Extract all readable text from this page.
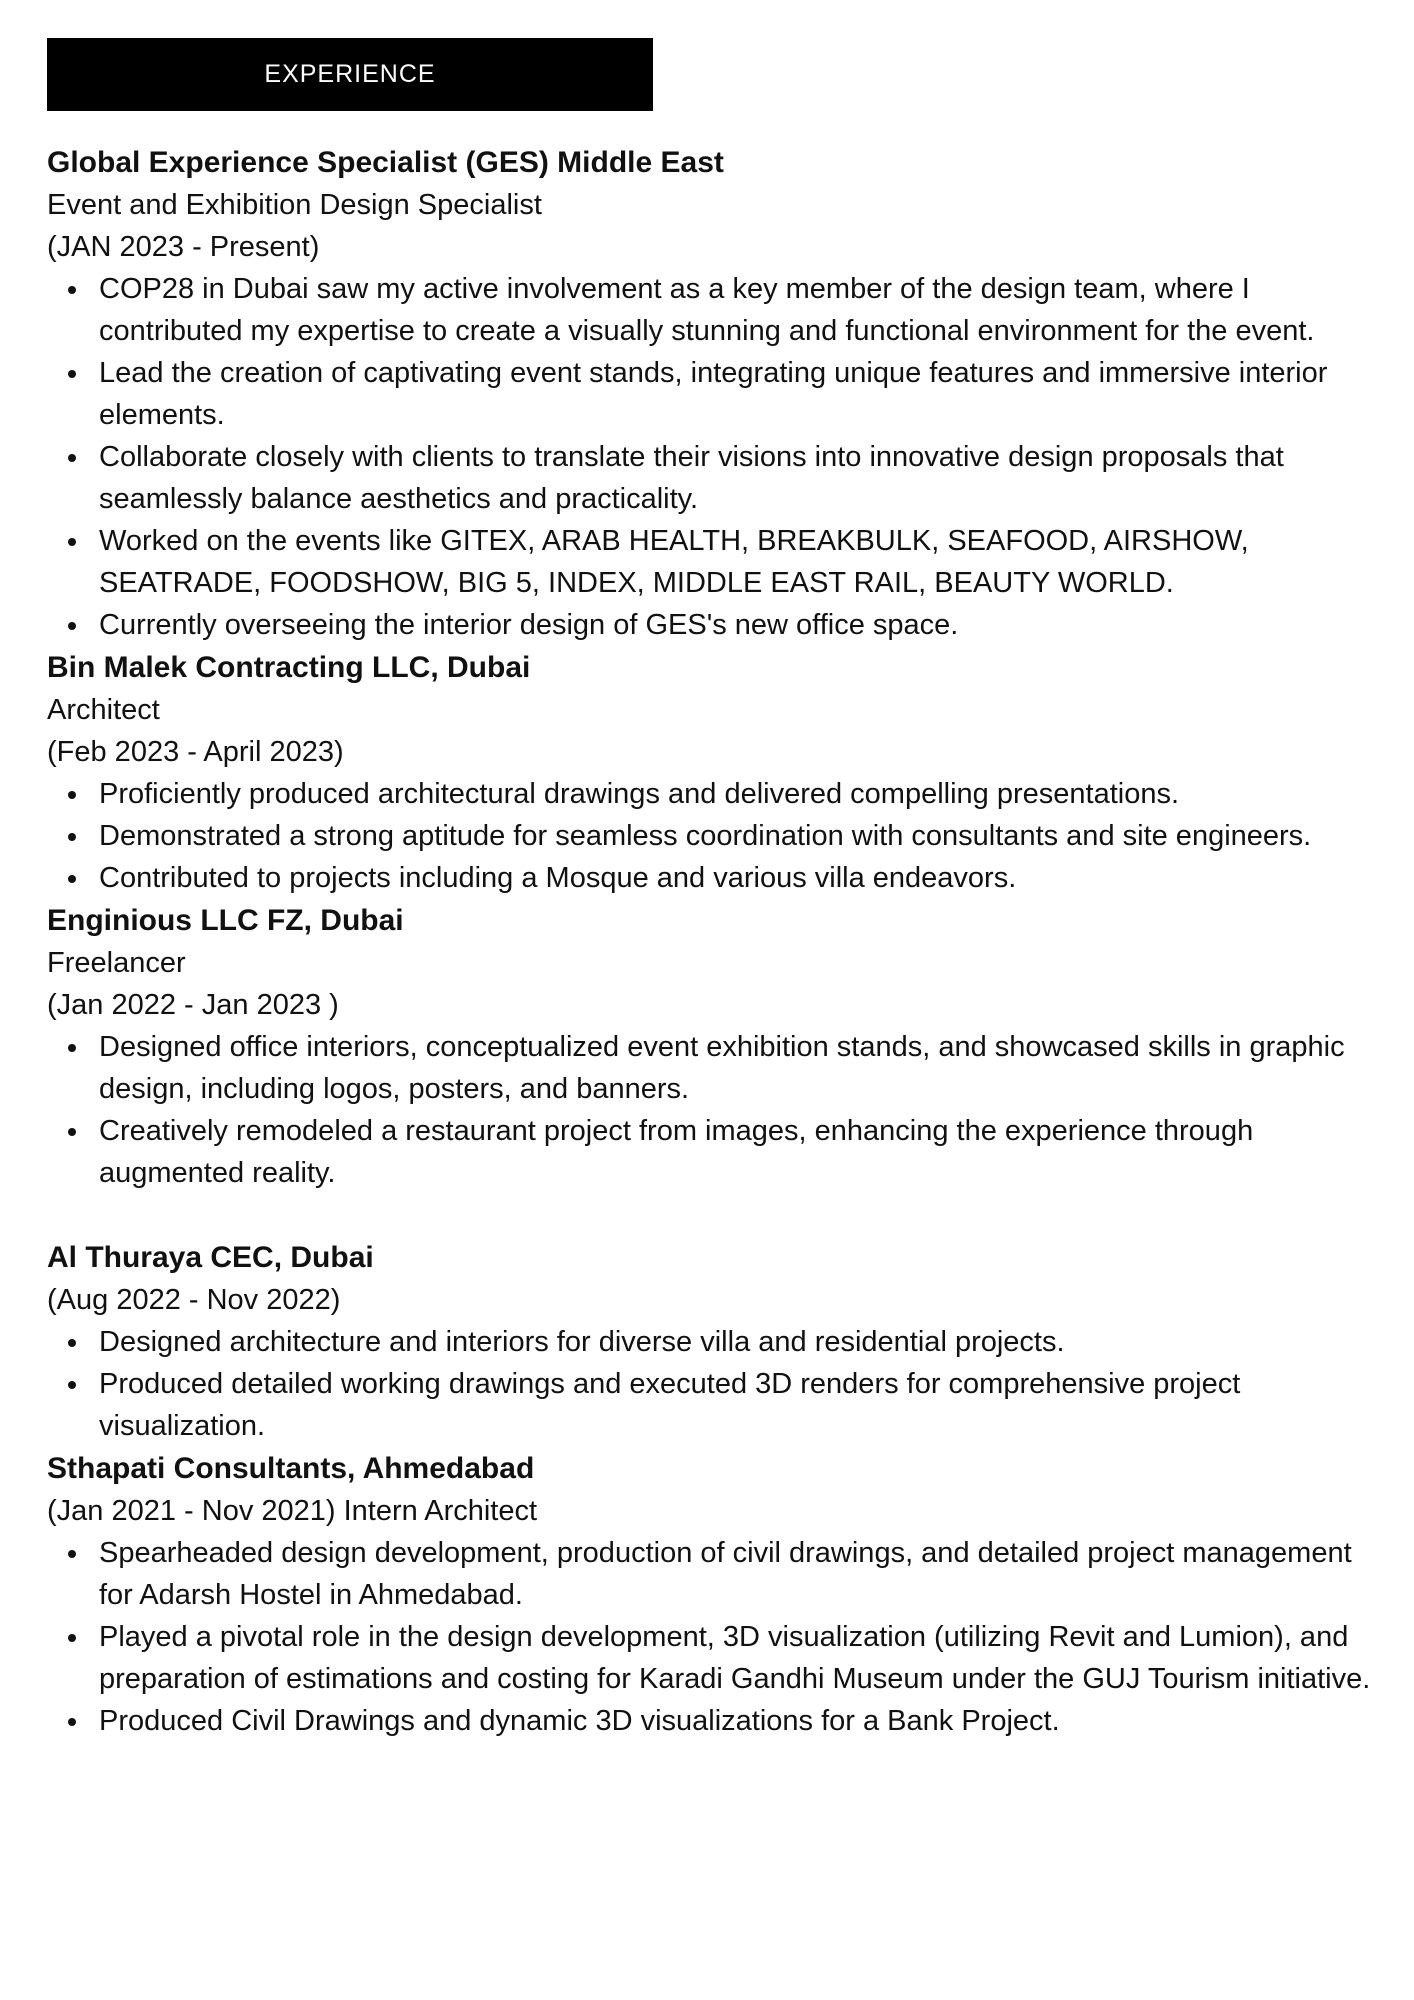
EXPERIENCE
Global Experience Specialist (GES) Middle East
Event and Exhibition Design Specialist
(JAN 2023 - Present)
COP28 in Dubai saw my active involvement as a key member of the design team, where I contributed my expertise to create a visually stunning and functional environment for the event.
Lead the creation of captivating event stands, integrating unique features and immersive interior elements.
Collaborate closely with clients to translate their visions into innovative design proposals that seamlessly balance aesthetics and practicality.
Worked on the events like GITEX, ARAB HEALTH, BREAKBULK, SEAFOOD, AIRSHOW, SEATRADE, FOODSHOW, BIG 5, INDEX, MIDDLE EAST RAIL, BEAUTY WORLD.
Currently overseeing the interior design of GES's new office space.
Bin Malek Contracting LLC, Dubai
Architect
(Feb 2023 - April 2023)
Proficiently produced architectural drawings and delivered compelling presentations.
Demonstrated a strong aptitude for seamless coordination with consultants and site engineers.
Contributed to projects including a Mosque and various villa endeavors.
Enginious LLC FZ, Dubai
Freelancer
(Jan 2022 - Jan 2023 )
Designed office interiors, conceptualized event exhibition stands, and showcased skills in graphic design, including logos, posters, and banners.
Creatively remodeled a restaurant project from images, enhancing the experience through augmented reality.
Al Thuraya CEC, Dubai
(Aug 2022 - Nov 2022)
Designed architecture and interiors for diverse villa and residential projects.
Produced detailed working drawings and executed 3D renders for comprehensive project visualization.
Sthapati Consultants, Ahmedabad
(Jan 2021 - Nov 2021) Intern Architect
Spearheaded design development, production of civil drawings, and detailed project management for Adarsh Hostel in Ahmedabad.
Played a pivotal role in the design development, 3D visualization (utilizing Revit and Lumion), and preparation of estimations and costing for Karadi Gandhi Museum under the GUJ Tourism initiative.
Produced Civil Drawings and dynamic 3D visualizations for a Bank Project.
